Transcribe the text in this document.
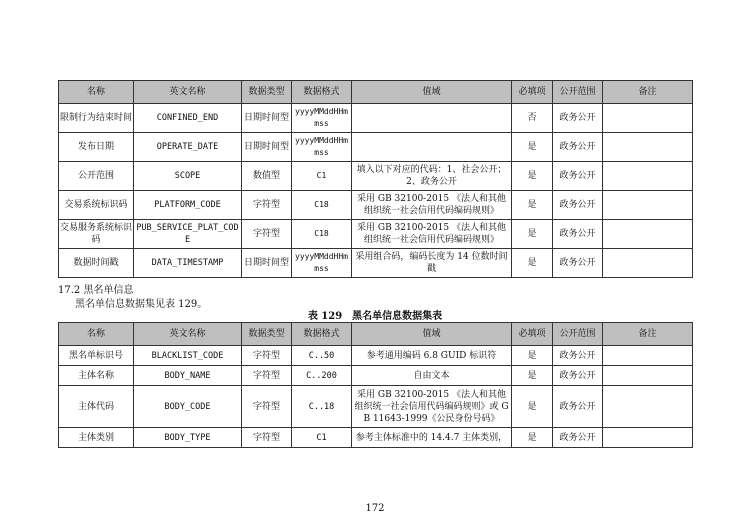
名称	英文名称	数据类型	数据格式	值域	必填项	公开范围	备注
限制行为结束时间	CONFINED_END	日期时间型	yyyyMMddHHmmss		否	政务公开	
发布日期	OPERATE_DATE	日期时间型	yyyyMMddHHmmss		是	政务公开	
公开范围	SCOPE	数值型	C1	填入以下对应的代码：1、社会公开； 2、政务公开	是	政务公开	
交易系统标识码	PLATFORM_CODE	字符型	C18	采用 GB 32100-2015 《法人和其他组织统一社会信用代码编码规则》	是	政务公开	
交易服务系统标识码	PUB_SERVICE_PLAT_CODE	字符型	C18	采用 GB 32100-2015 《法人和其他组织统一社会信用代码编码规则》	是	政务公开	
数据时间戳	DATA_TIMESTAMP	日期时间型	yyyyMMddHHmmss	采用组合码，编码长度为 14 位数时间戳	是	政务公开	
17.2 黑名单信息
黑名单信息数据集见表 129。
表 129　黑名单信息数据集表
名称	英文名称	数据类型	数据格式	值域	必填项	公开范围	备注
黑名单标识号	BLACKLIST_CODE	字符型	C..50	参考通用编码 6.8 GUID 标识符	是	政务公开	
主体名称	BODY_NAME	字符型	C..200	自由文本	是	政务公开	
主体代码	BODY_CODE	字符型	C..18	采用 GB 32100-2015 《法人和其他组织统一社会信用代码编码规则》或 GB 11643-1999《公民身份号码》	是	政务公开	
主体类别	BODY_TYPE	字符型	C1	参考主体标准中的 14.4.7 主体类别，	是	政务公开	
172
